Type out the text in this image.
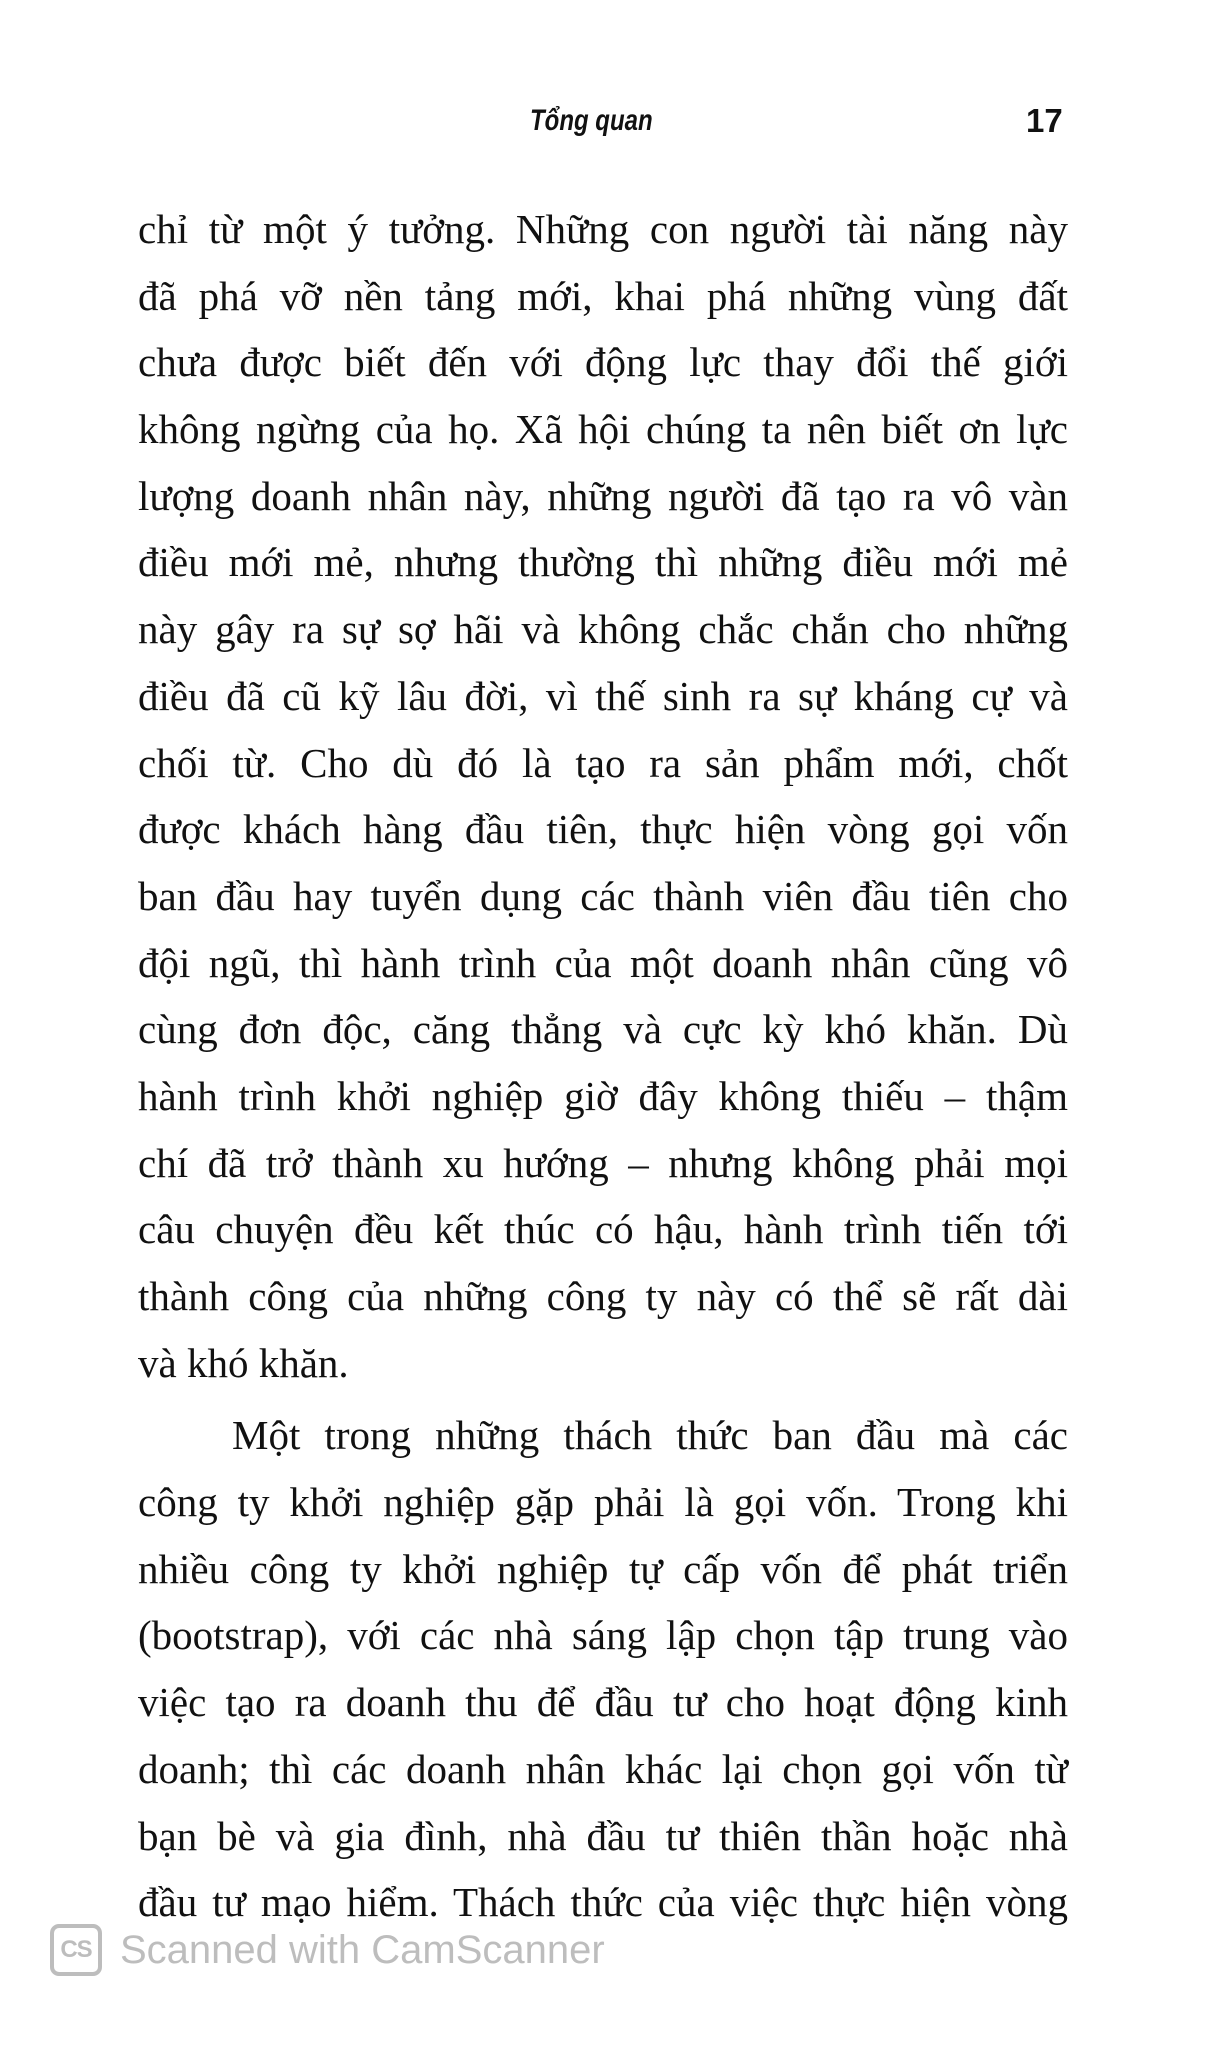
Tổng quan	17
chỉ từ một ý tưởng. Những con người tài năng này
đã phá vỡ nền tảng mới, khai phá những vùng đất
chưa được biết đến với động lực thay đổi thế giới
không ngừng của họ. Xã hội chúng ta nên biết ơn lực
lượng doanh nhân này, những người đã tạo ra vô vàn
điều mới mẻ, nhưng thường thì những điều mới mẻ
này gây ra sự sợ hãi và không chắc chắn cho những
điều đã cũ kỹ lâu đời, vì thế sinh ra sự kháng cự và
chối từ. Cho dù đó là tạo ra sản phẩm mới, chốt
được khách hàng đầu tiên, thực hiện vòng gọi vốn
ban đầu hay tuyển dụng các thành viên đầu tiên cho
đội ngũ, thì hành trình của một doanh nhân cũng vô
cùng đơn độc, căng thẳng và cực kỳ khó khăn. Dù
hành trình khởi nghiệp giờ đây không thiếu – thậm
chí đã trở thành xu hướng – nhưng không phải mọi
câu chuyện đều kết thúc có hậu, hành trình tiến tới
thành công của những công ty này có thể sẽ rất dài
và khó khăn.
Một trong những thách thức ban đầu mà các
công ty khởi nghiệp gặp phải là gọi vốn. Trong khi
nhiều công ty khởi nghiệp tự cấp vốn để phát triển
(bootstrap), với các nhà sáng lập chọn tập trung vào
việc tạo ra doanh thu để đầu tư cho hoạt động kinh
doanh; thì các doanh nhân khác lại chọn gọi vốn từ
bạn bè và gia đình, nhà đầu tư thiên thần hoặc nhà
đầu tư mạo hiểm. Thách thức của việc thực hiện vòng
CS Scanned with CamScanner
